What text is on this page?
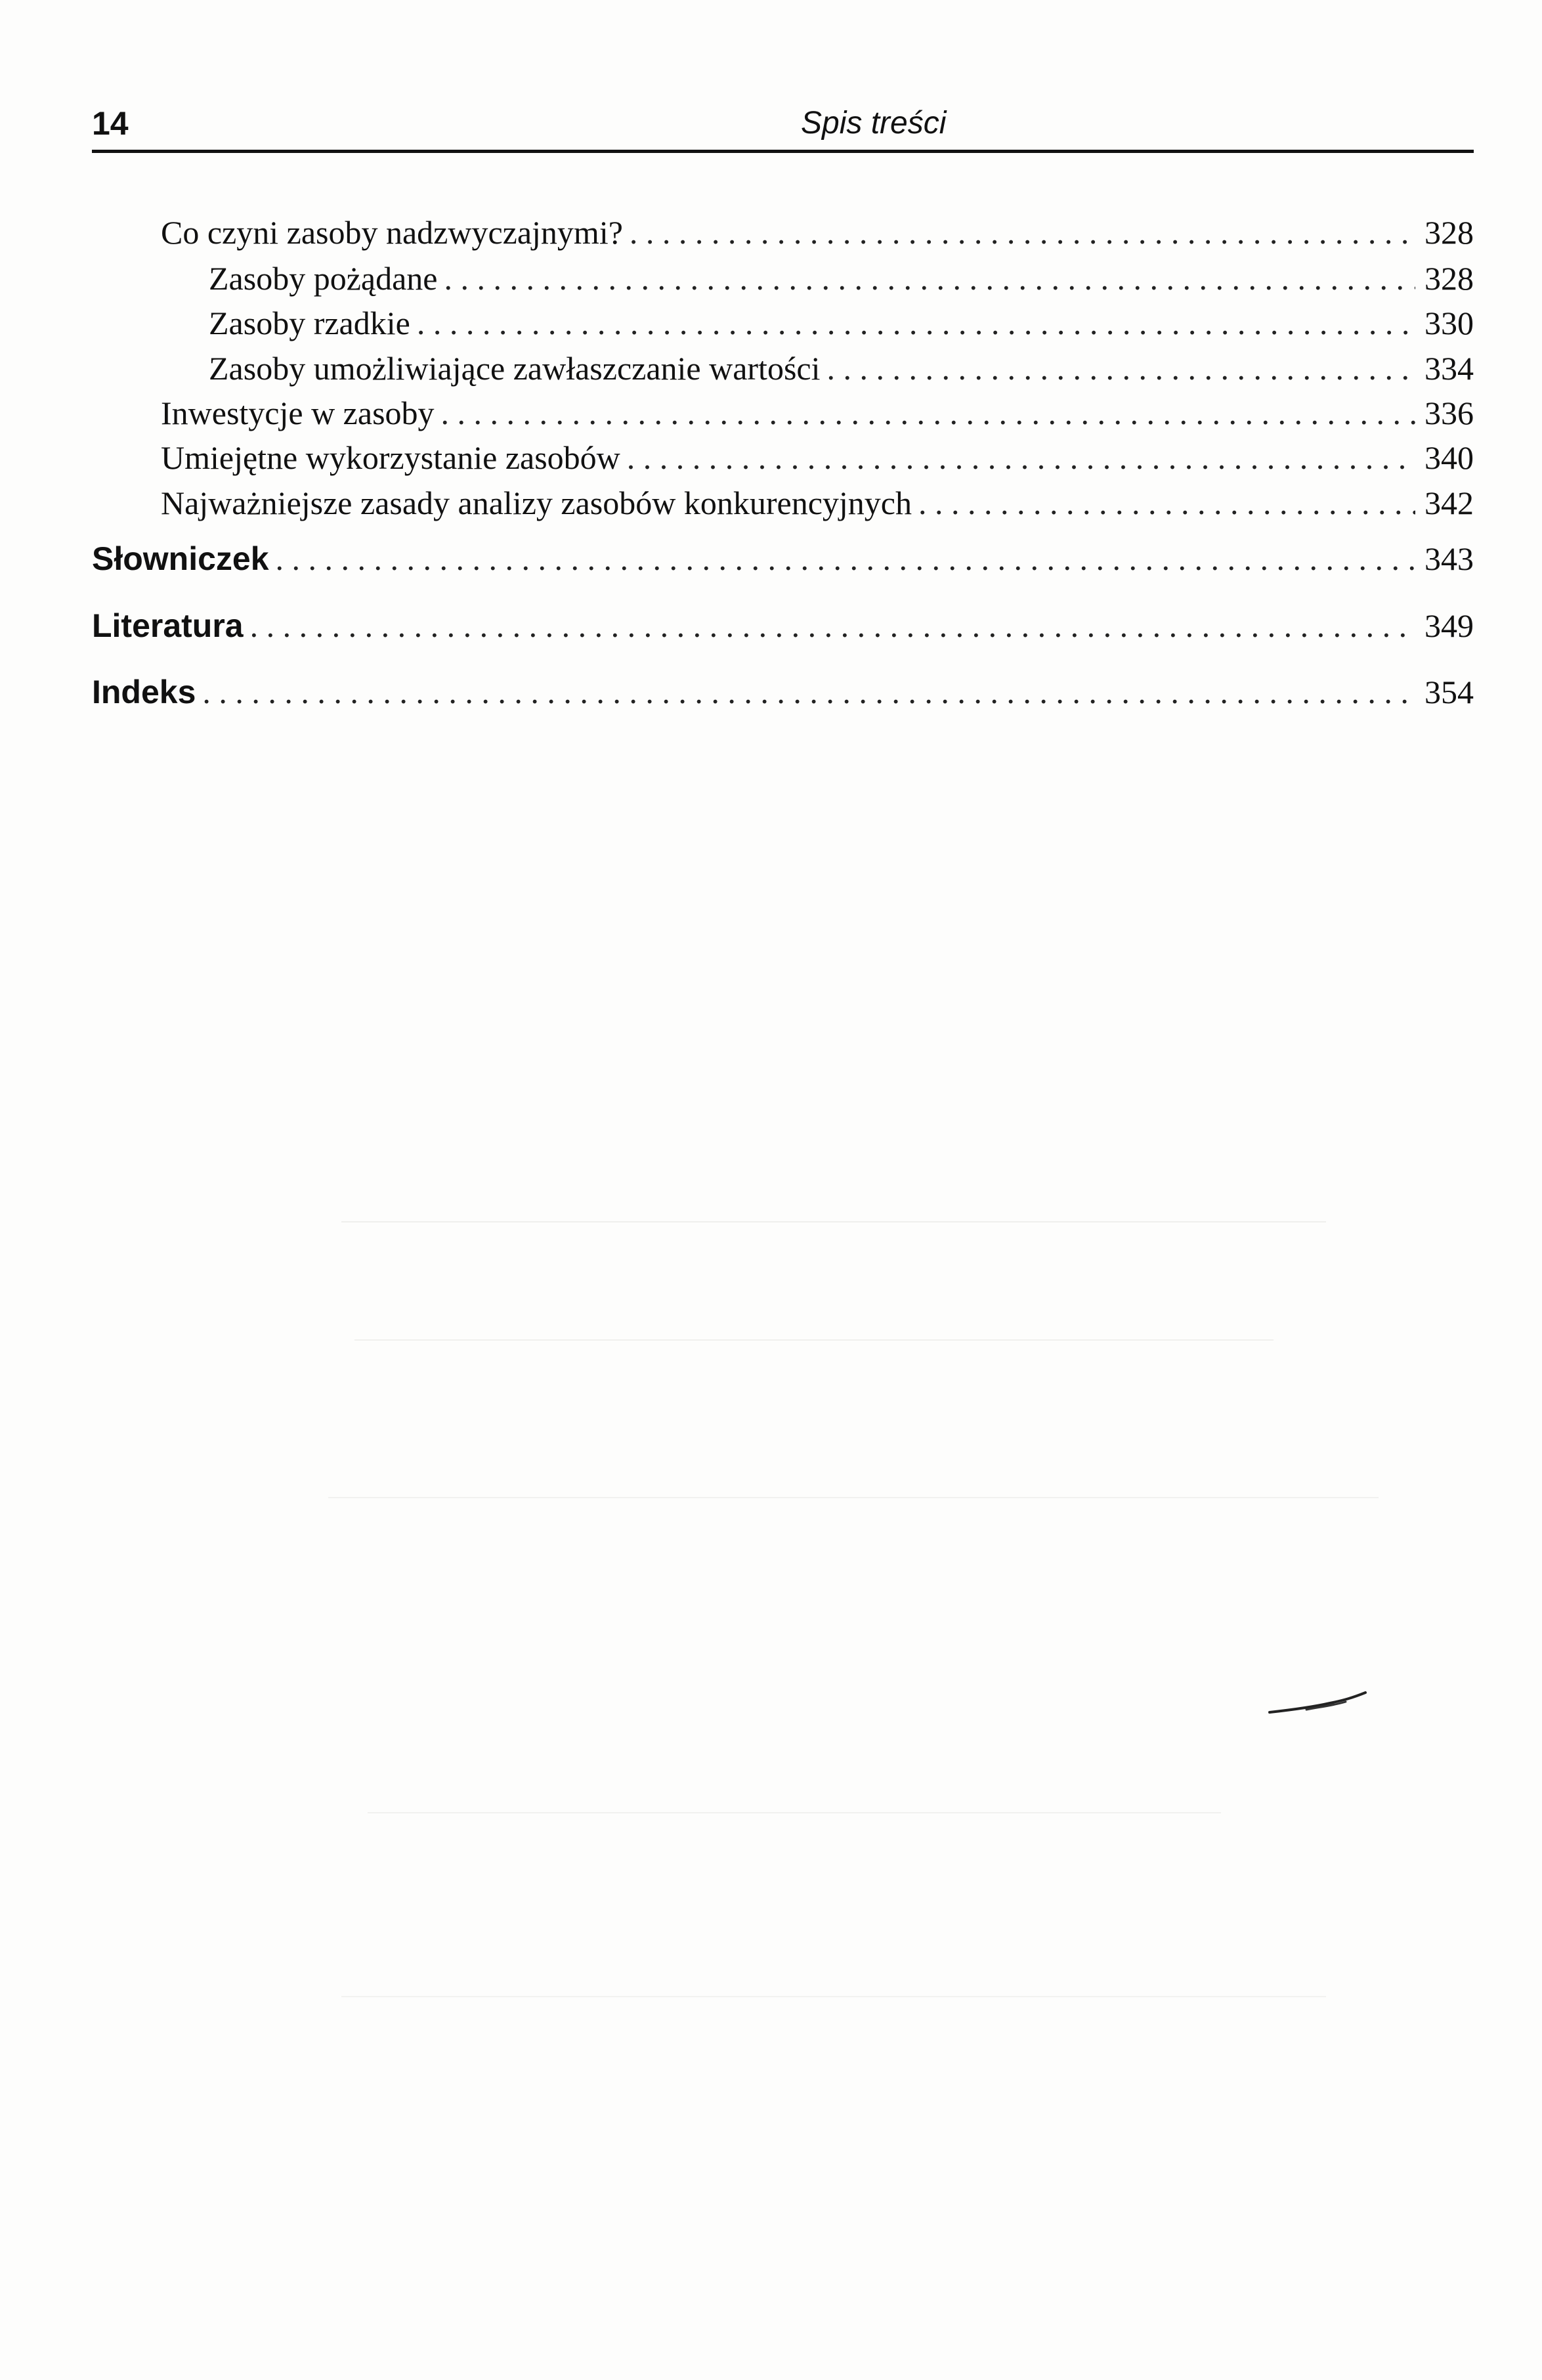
14	Spis treści
Co czyni zasoby nadzwyczajnymi? . . .	328
Zasoby pożądane . . .	328
Zasoby rzadkie . . .	330
Zasoby umożliwiające zawłaszczanie wartości . . .	334
Inwestycje w zasoby . . .	336
Umiejętne wykorzystanie zasobów . . .	340
Najważniejsze zasady analizy zasobów konkurencyjnych . . .	342
Słowniczek . . .	343
Literatura . . .	349
Indeks . . .	354
